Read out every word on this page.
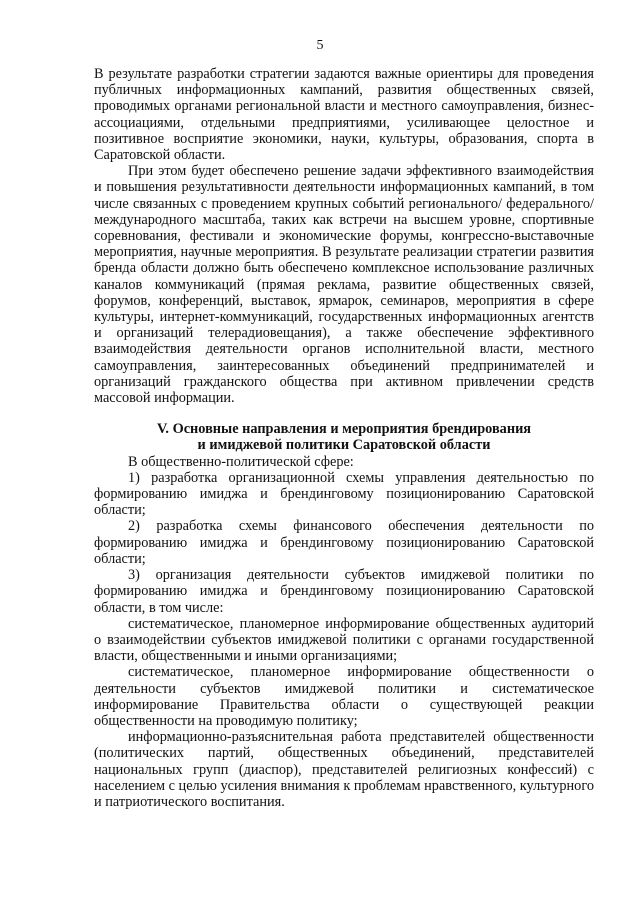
5

В результате разработки стратегии задаются важные ориентиры для проведения публичных информационных кампаний, развития общественных связей, проводимых органами региональной власти и местного самоуправления, бизнес-ассоциациями, отдельными предприятиями, усиливающее целостное и позитивное восприятие экономики, науки, культуры, образования, спорта в Саратовской области.

При этом будет обеспечено решение задачи эффективного взаимодействия и повышения результативности деятельности информационных кампаний, в том числе связанных с проведением крупных событий регионального/ федерального/международного масштаба, таких как встречи на высшем уровне, спортивные соревнования, фестивали и экономические форумы, конгрессно-выставочные мероприятия, научные мероприятия. В результате реализации стратегии развития бренда области должно быть обеспечено комплексное использование различных каналов коммуникаций (прямая реклама, развитие общественных связей, форумов, конференций, выставок, ярмарок, семинаров, мероприятия в сфере культуры, интернет-коммуникаций, государственных информационных агентств и организаций телерадиовещания), а также обеспечение эффективного взаимодействия деятельности органов исполнительной власти, местного самоуправления, заинтересованных объединений предпринимателей и организаций гражданского общества при активном привлечении средств массовой информации.

V. Основные направления и мероприятия брендирования
и имиджевой политики Саратовской области

В общественно-политической сфере:

1) разработка организационной схемы управления деятельностью по формированию имиджа и брендинговому позиционированию Саратовской области;

2) разработка схемы финансового обеспечения деятельности по формированию имиджа и брендинговому позиционированию Саратовской области;

3) организация деятельности субъектов имиджевой политики по формированию имиджа и брендинговому позиционированию Саратовской области, в том числе:

систематическое, планомерное информирование общественных аудиторий о взаимодействии субъектов имиджевой политики с органами государственной власти, общественными и иными организациями;

систематическое, планомерное информирование общественности о деятельности субъектов имиджевой политики и систематическое информирование Правительства области о существующей реакции общественности на проводимую политику;

информационно-разъяснительная работа представителей общественности (политических партий, общественных объединений, представителей национальных групп (диаспор), представителей религиозных конфессий) с населением с целью усиления внимания к проблемам нравственного, культурного и патриотического воспитания.
